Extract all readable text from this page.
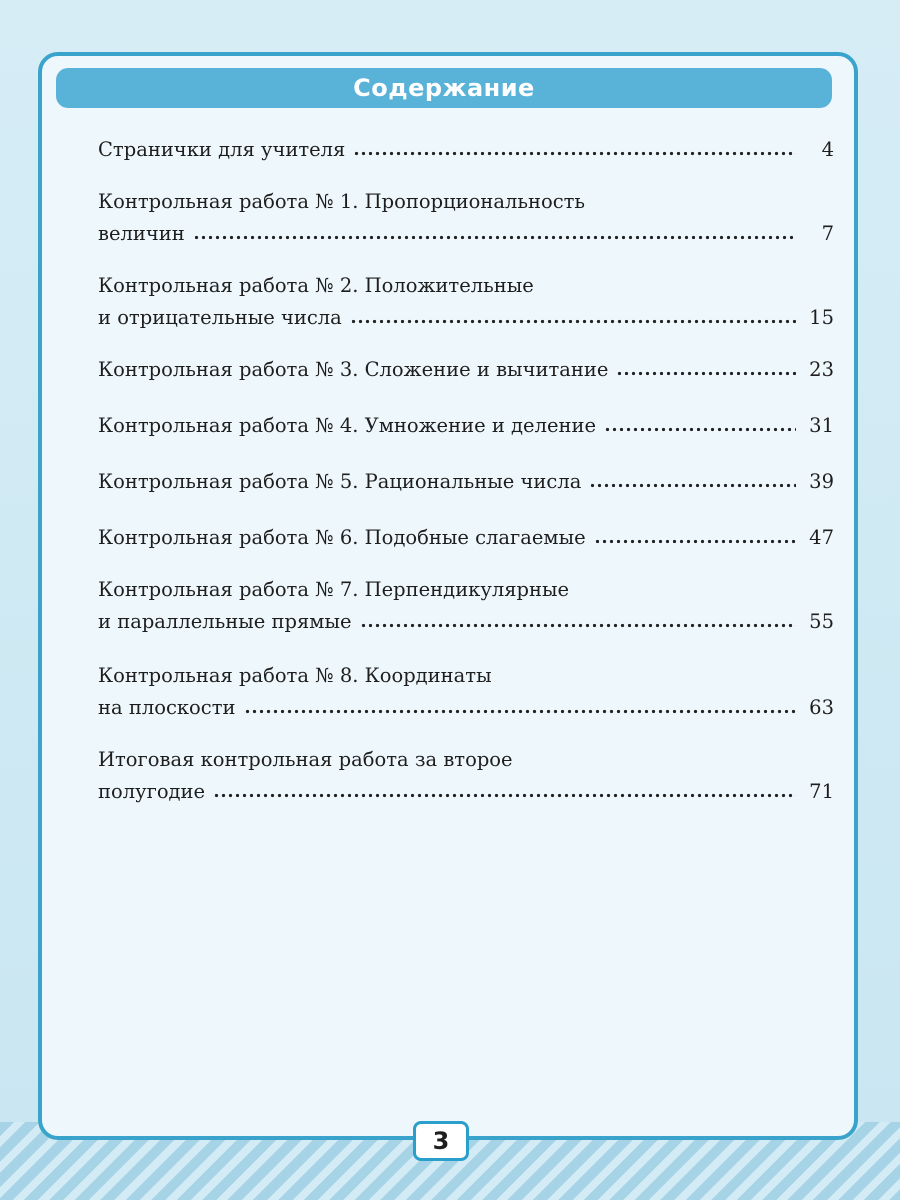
Содержание
Странички для учителя	4
Контрольная работа № 1. Пропорциональность
величин	7
Контрольная работа № 2. Положительные
и отрицательные числа	15
Контрольная работа № 3. Сложение и вычитание	23
Контрольная работа № 4. Умножение и деление	31
Контрольная работа № 5. Рациональные числа	39
Контрольная работа № 6. Подобные слагаемые	47
Контрольная работа № 7. Перпендикулярные
и параллельные прямые	55
Контрольная работа № 8. Координаты
на плоскости	63
Итоговая контрольная работа за второе
полугодие	71
3
